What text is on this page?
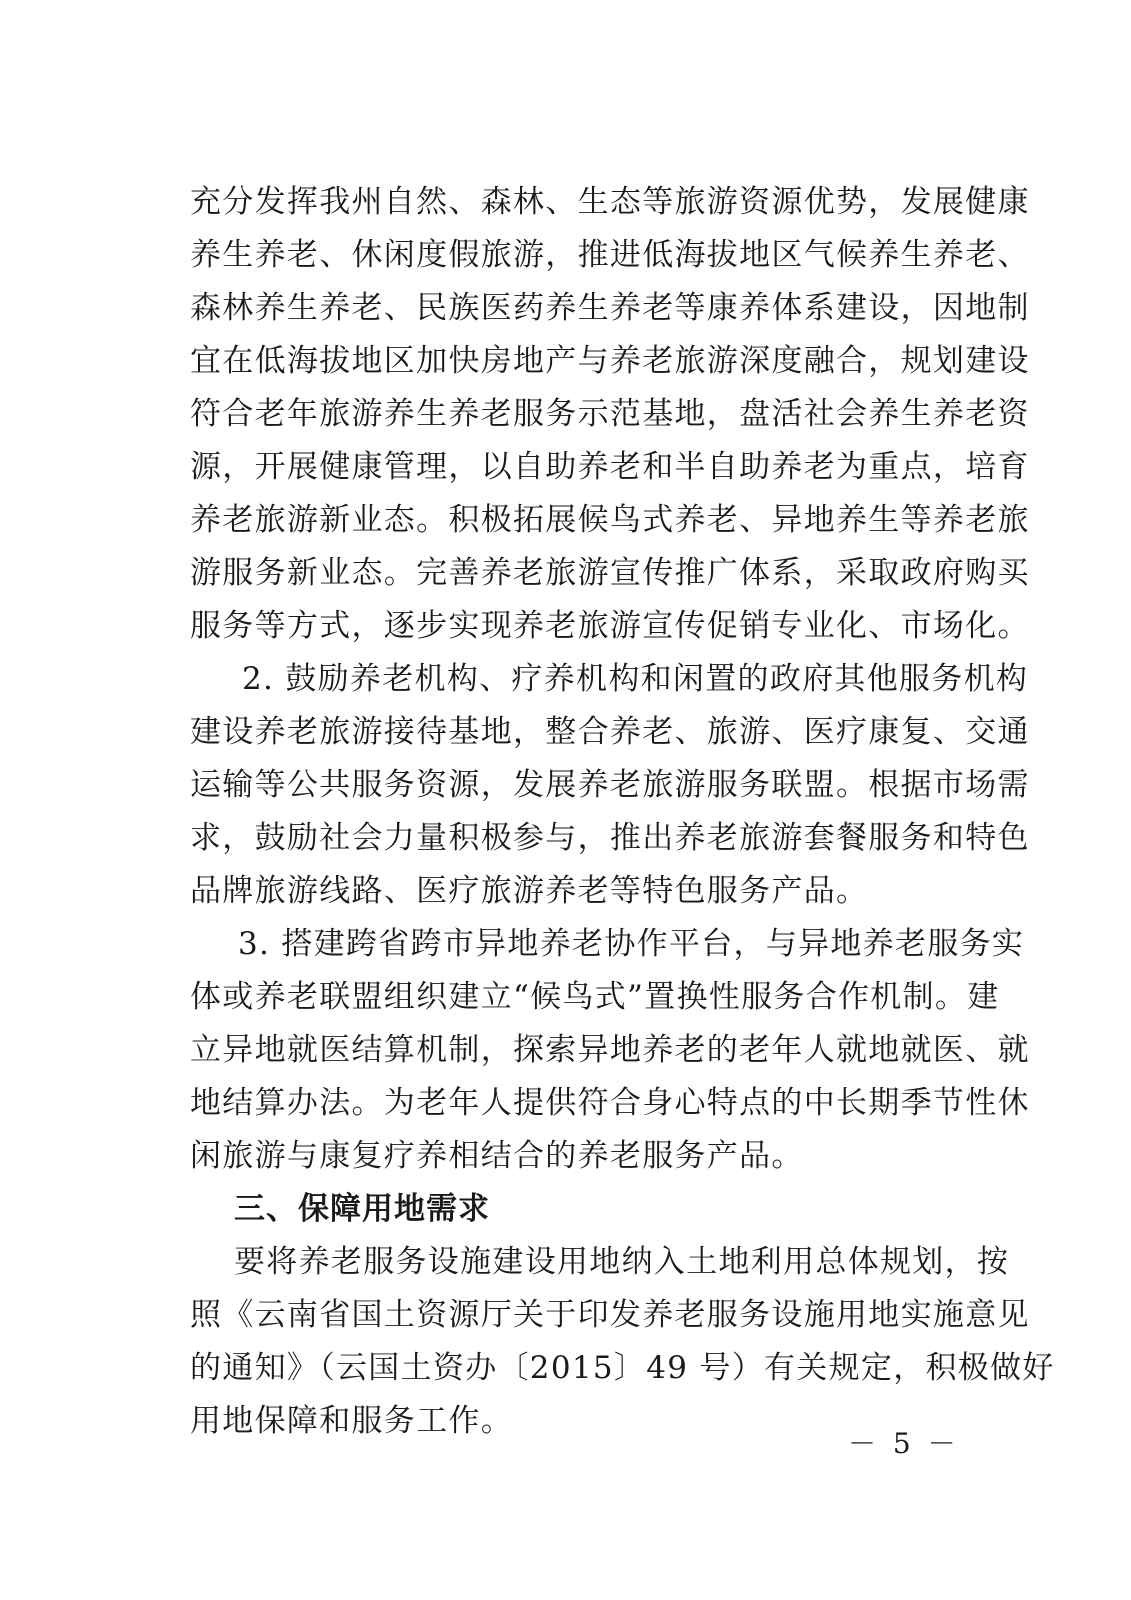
充分发挥我州自然、森林、生态等旅游资源优势，发展健康
养生养老、休闲度假旅游，推进低海拔地区气候养生养老、
森林养生养老、民族医药养生养老等康养体系建设，因地制
宜在低海拔地区加快房地产与养老旅游深度融合，规划建设
符合老年旅游养生养老服务示范基地，盘活社会养生养老资
源，开展健康管理，以自助养老和半自助养老为重点，培育
养老旅游新业态。积极拓展候鸟式养老、异地养生等养老旅
游服务新业态。完善养老旅游宣传推广体系，采取政府购买
服务等方式，逐步实现养老旅游宣传促销专业化、市场化。
2. 鼓励养老机构、疗养机构和闲置的政府其他服务机构
建设养老旅游接待基地，整合养老、旅游、医疗康复、交通
运输等公共服务资源，发展养老旅游服务联盟。根据市场需
求，鼓励社会力量积极参与，推出养老旅游套餐服务和特色
品牌旅游线路、医疗旅游养老等特色服务产品。
3. 搭建跨省跨市异地养老协作平台，与异地养老服务实
体或养老联盟组织建立“候鸟式”置换性服务合作机制。建
立异地就医结算机制，探索异地养老的老年人就地就医、就
地结算办法。为老年人提供符合身心特点的中长期季节性休
闲旅游与康复疗养相结合的养老服务产品。
三、保障用地需求
要将养老服务设施建设用地纳入土地利用总体规划，按
照《云南省国土资源厅关于印发养老服务设施用地实施意见
的通知》（云国土资办〔2015〕49 号）有关规定，积极做好
用地保障和服务工作。
－ 5 －
